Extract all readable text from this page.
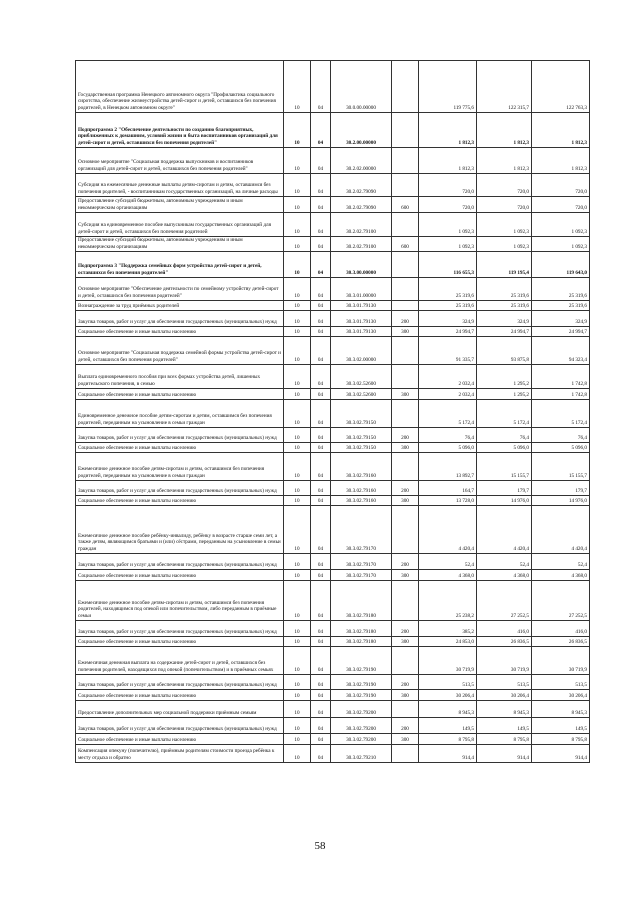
Государственная программа Ненецкого автономного округа "Профилактика социального сиротства, обеспечение жизнеустройства детей-сирот и детей, оставшихся без попечения родителей, в Ненецком автономном округе"	10	04	30.0.00.00000		119 775,6	122 315,7	122 763,3
Подпрограмма 2 "Обеспечение деятельности по созданию благоприятных, приближенных к домашним, условий жизни и быта воспитанников организаций для детей-сирот и детей, оставшихся без попечения родителей"	10	04	30.2.00.00000		1 812,3	1 812,3	1 812,3
Основное мероприятие "Социальная поддержка выпускников и воспитанников организаций для детей-сирот и детей, оставшихся без попечения родителей"	10	04	30.2.02.00000		1 812,3	1 812,3	1 812,3
Субсидия на ежемесячные денежные выплаты детям-сиротам и детям, оставшимся без попечения родителей, - воспитанникам государственных организаций, на личные расходы	10	04	30.2.02.79090		720,0	720,0	720,0
Предоставление субсидий бюджетным, автономным учреждениям и иным некоммерческим организациям	10	04	30.2.02.79090	600	720,0	720,0	720,0
Субсидия на единовременное пособие выпускникам государственных организаций для детей-сирот и детей, оставшихся без попечения родителей	10	04	30.2.02.79100		1 092,3	1 092,3	1 092,3
Предоставление субсидий бюджетным, автономным учреждениям и иным некоммерческим организациям	10	04	30.2.02.79100	600	1 092,3	1 092,3	1 092,3
Подпрограмма 3 "Поддержка семейных форм устройства детей-сирот и детей, оставшихся без попечения родителей"	10	04	30.3.00.00000		116 655,3	119 195,4	119 643,0
Основное мероприятие "Обеспечение деятельности по семейному устройству детей-сирот и детей, оставшихся без попечения родителей"	10	04	30.3.01.00000		25 319,6	25 319,6	25 319,6
Вознаграждение за труд приёмных родителей	10	04	30.3.01.79130		25 319,6	25 319,6	25 319,6
Закупка товаров, работ и услуг для обеспечения государственных (муниципальных) нужд	10	04	30.3.01.79130	200	324,9	324,9	324,9
Социальное обеспечение и иные выплаты населению	10	04	30.3.01.79130	300	24 994,7	24 994,7	24 994,7
Основное мероприятие "Социальная поддержка семейной формы устройства детей-сирот и детей, оставшихся без попечения родителей"	10	04	30.3.02.00000		91 335,7	93 875,8	94 323,4
Выплата единовременного пособия при всех формах устройства детей, лишенных родительского попечения, в семью	10	04	30.3.02.52600		2 032,4	1 295,2	1 742,8
Социальное обеспечение и иные выплаты населению	10	04	30.3.02.52600	300	2 032,4	1 295,2	1 742,8
Единовременное денежное пособие детям-сиротам и детям, оставшимся без попечения родителей, переданным на усыновление в семьи граждан	10	04	30.3.02.79150		5 172,4	5 172,4	5 172,4
Закупка товаров, работ и услуг для обеспечения государственных (муниципальных) нужд	10	04	30.3.02.79150	200	76,4	76,4	76,4
Социальное обеспечение и иные выплаты населению	10	04	30.3.02.79150	300	5 096,0	5 096,0	5 096,0
Ежемесячное денежное пособие детям-сиротам и детям, оставшимся без попечения родителей, переданным на усыновление в семьи граждан	10	04	30.3.02.79160		13 892,7	15 155,7	15 155,7
Закупка товаров, работ и услуг для обеспечения государственных (муниципальных) нужд	10	04	30.3.02.79160	200	164,7	179,7	179,7
Социальное обеспечение и иные выплаты населению	10	04	30.3.02.79160	300	13 728,0	14 976,0	14 976,0
Ежемесячное денежное пособие ребёнку-инвалиду, ребёнку в возрасте старше семи лет, а также детям, являющимся братьями и (или) сёстрами, переданным на усыновление в семьи граждан	10	04	30.3.02.79170		4 420,4	4 420,4	4 420,4
Закупка товаров, работ и услуг для обеспечения государственных (муниципальных) нужд	10	04	30.3.02.79170	200	52,4	52,4	52,4
Социальное обеспечение и иные выплаты населению	10	04	30.3.02.79170	300	4 368,0	4 368,0	4 368,0
Ежемесячное денежное пособие детям-сиротам и детям, оставшимся без попечения родителей, находящимся под опекой или попечительством, либо переданным в приёмные семьи	10	04	30.3.02.79180		25 238,2	27 252,5	27 252,5
Закупка товаров, работ и услуг для обеспечения государственных (муниципальных) нужд	10	04	30.3.02.79180	200	385,2	416,0	416,0
Социальное обеспечение и иные выплаты населению	10	04	30.3.02.79180	300	24 853,0	26 836,5	26 836,5
Ежемесячная денежная выплата на содержание детей-сирот и детей, оставшихся без попечения родителей, находящихся под опекой (попечительством) и в приёмных семьях	10	04	30.3.02.79190		30 719,9	30 719,9	30 719,9
Закупка товаров, работ и услуг для обеспечения государственных (муниципальных) нужд	10	04	30.3.02.79190	200	513,5	513,5	513,5
Социальное обеспечение и иные выплаты населению	10	04	30.3.02.79190	300	30 206,4	30 206,4	30 206,4
Предоставление дополнительных мер социальной поддержки приёмным семьям	10	04	30.3.02.79200		8 945,3	8 945,3	8 945,3
Закупка товаров, работ и услуг для обеспечения государственных (муниципальных) нужд	10	04	30.3.02.79200	200	149,5	149,5	149,5
Социальное обеспечение и иные выплаты населению	10	04	30.3.02.79200	300	8 795,8	8 795,8	8 795,8
Компенсация опекуну (попечителю), приёмным родителям стоимости проезда ребёнка к месту отдыха и обратно	10	04	30.3.02.79210		914,4	914,4	914,4
58
